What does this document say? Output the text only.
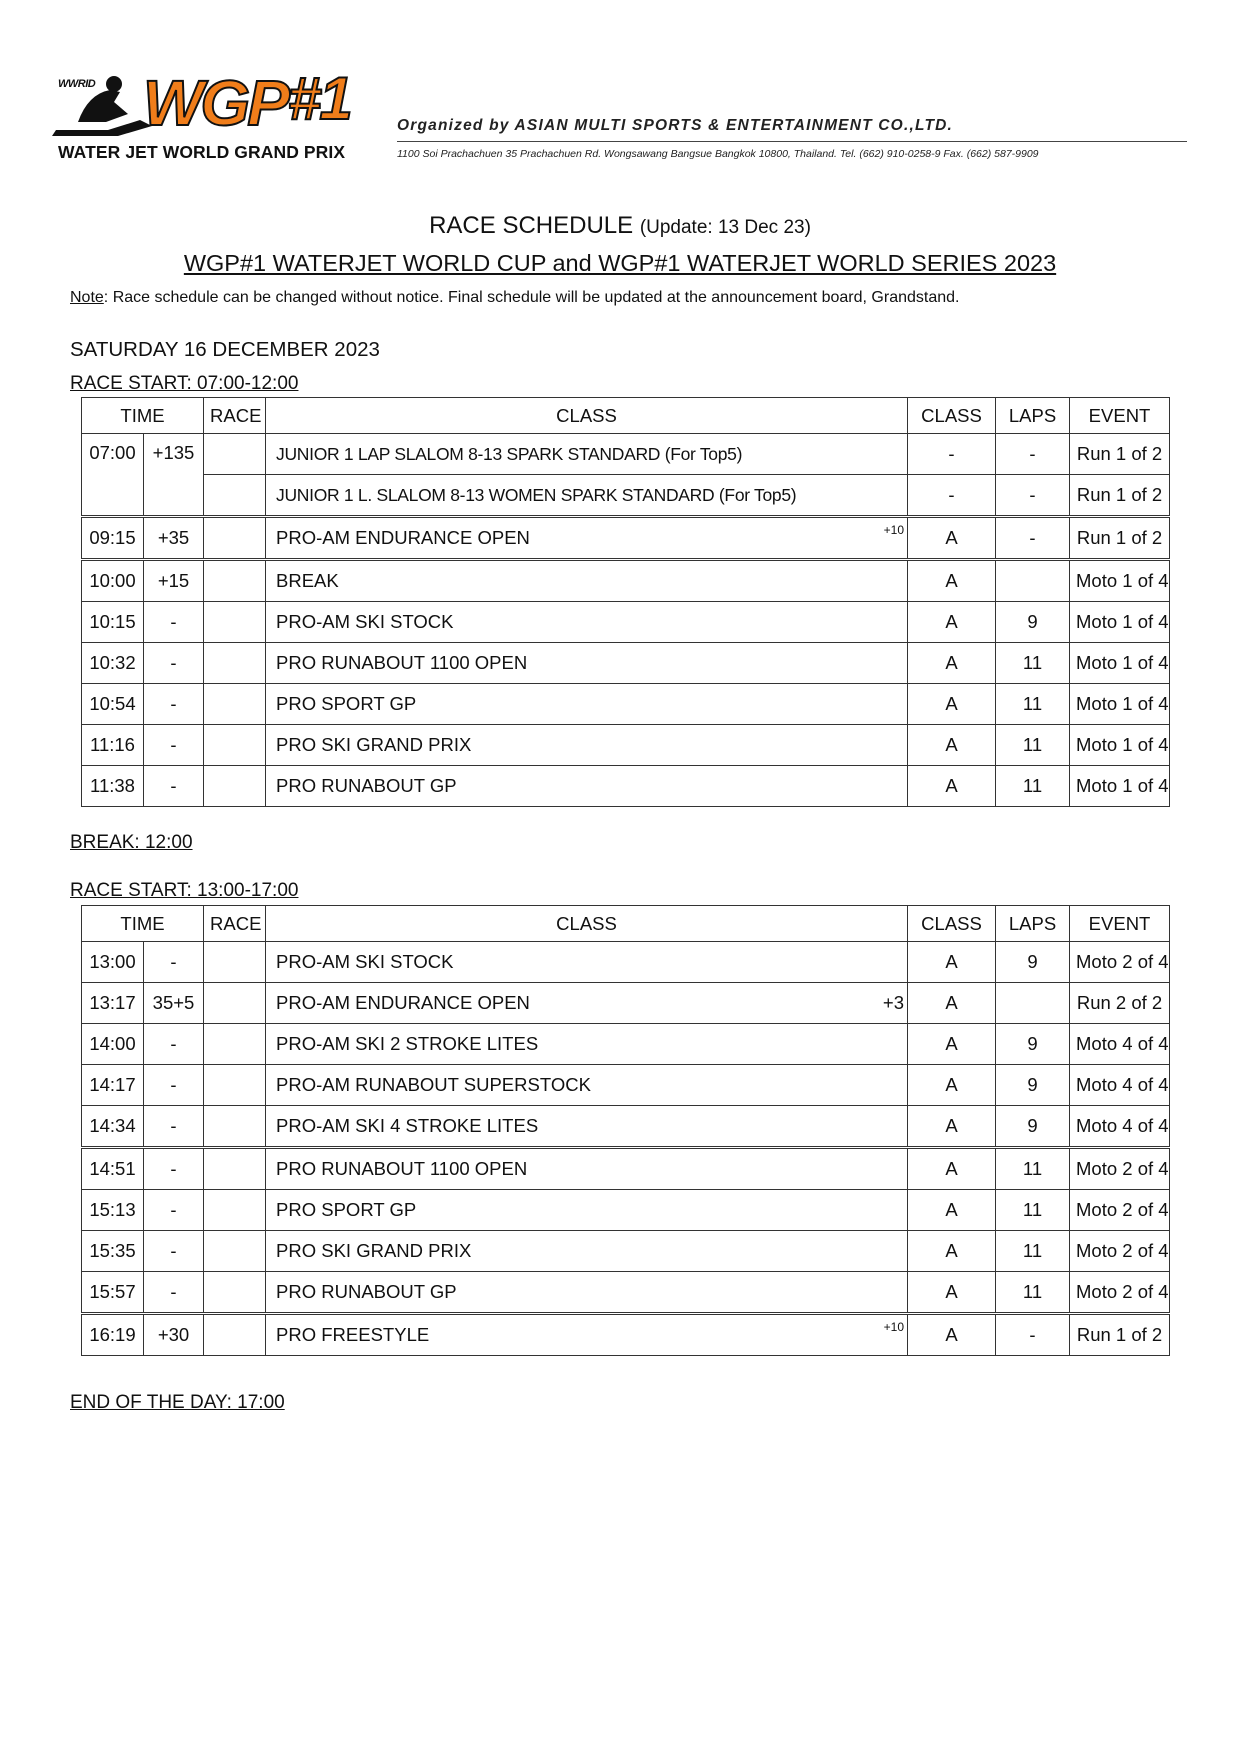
WWRID WGP #1
WATER JET WORLD GRAND PRIX
Organized by ASIAN MULTI SPORTS & ENTERTAINMENT CO.,LTD.
1100 Soi Prachachuen 35 Prachachuen Rd. Wongsawang Bangsue Bangkok 10800, Thailand. Tel. (662) 910-0258-9 Fax. (662) 587-9909
RACE SCHEDULE (Update: 13 Dec 23)
WGP#1 WATERJET WORLD CUP and WGP#1 WATERJET WORLD SERIES 2023
Note: Race schedule can be changed without notice. Final schedule will be updated at the announcement board, Grandstand.
SATURDAY 16 DECEMBER 2023
RACE START: 07:00-12:00
TIME		RACE	CLASS	CLASS	LAPS	EVENT
07:00	+135		JUNIOR 1 LAP SLALOM 8-13 SPARK STANDARD (For Top5)	-	-	Run 1 of 2
			JUNIOR 1 L. SLALOM 8-13 WOMEN SPARK STANDARD (For Top5)	-	-	Run 1 of 2
09:15	+35		PRO-AM ENDURANCE OPEN +10	A	-	Run 1 of 2
10:00	+15		BREAK	A		Moto 1 of 4
10:15	-		PRO-AM SKI STOCK	A	9	Moto 1 of 4
10:32	-		PRO RUNABOUT 1100 OPEN	A	11	Moto 1 of 4
10:54	-		PRO SPORT GP	A	11	Moto 1 of 4
11:16	-		PRO SKI GRAND PRIX	A	11	Moto 1 of 4
11:38	-		PRO RUNABOUT GP	A	11	Moto 1 of 4
BREAK: 12:00
RACE START: 13:00-17:00
TIME		RACE	CLASS	CLASS	LAPS	EVENT
13:00	-		PRO-AM SKI STOCK	A	9	Moto 2 of 4
13:17	35+5		PRO-AM ENDURANCE OPEN +3	A		Run 2 of 2
14:00	-		PRO-AM SKI 2 STROKE LITES	A	9	Moto 4 of 4
14:17	-		PRO-AM RUNABOUT SUPERSTOCK	A	9	Moto 4 of 4
14:34	-		PRO-AM SKI 4 STROKE LITES	A	9	Moto 4 of 4
14:51	-		PRO RUNABOUT 1100 OPEN	A	11	Moto 2 of 4
15:13	-		PRO SPORT GP	A	11	Moto 2 of 4
15:35	-		PRO SKI GRAND PRIX	A	11	Moto 2 of 4
15:57	-		PRO RUNABOUT GP	A	11	Moto 2 of 4
16:19	+30		PRO FREESTYLE +10	A	-	Run 1 of 2
END OF THE DAY: 17:00
